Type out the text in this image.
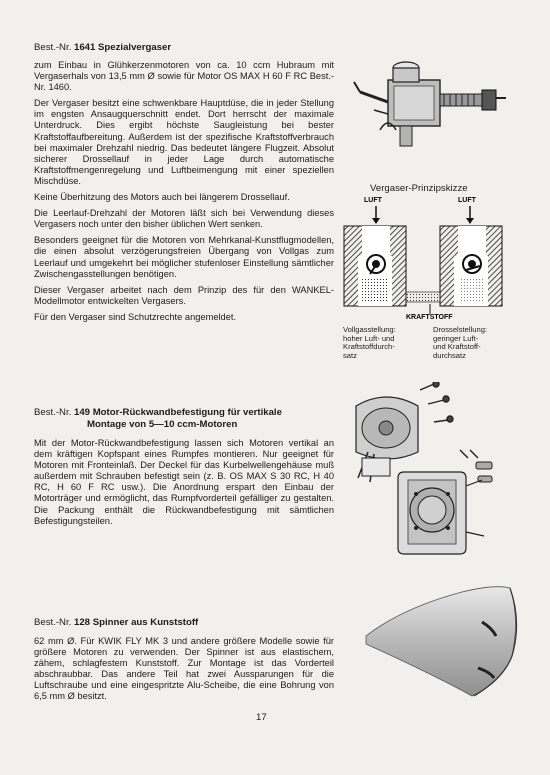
Best.-Nr. 1641 Spezialvergaser

zum Einbau in Glühkerzenmotoren von ca. 10 ccm Hubraum mit Vergaserhals von 13,5 mm Ø sowie für Motor OS MAX H 60 F RC Best.-Nr. 1460.

Der Vergaser besitzt eine schwenkbare Hauptdüse, die in jeder Stellung im engsten Ansaugquerschnitt endet. Dort herrscht der maximale Unterdruck. Dies ergibt höchste Saugleistung bei bester Kraftstoffaufbereitung. Außerdem ist der spezifische Kraftstoffverbrauch bei maximaler Drehzahl niedrig. Das bedeutet längere Flugzeit. Absolut sicherer Drossellauf in jeder Lage durch automatische Kraftstoffmengenregelung und Luftbeimengung mit einer speziellen Mischdüse.

Keine Überhitzung des Motors auch bei längerem Drossellauf.

Die Leerlauf-Drehzahl der Motoren läßt sich bei Verwendung dieses Vergasers noch unter den bisher üblichen Wert senken.

Besonders geeignet für die Motoren von Mehrkanal-Kunstflugmodellen, die einen absolut verzögerungsfreien Übergang von Vollgas zum Leerlauf und umgekehrt bei möglicher stufenloser Einstellung sämtlicher Zwischengasstellungen benötigen.

Dieser Vergaser arbeitet nach dem Prinzip des für den WANKEL-Modellmotor entwickelten Vergasers.

Für den Vergaser sind Schutzrechte angemeldet.

Vergaser-Prinzipskizze
LUFT	LUFT
KRAFTSTOFF
Vollgasstellung:
hoher Luft- und
Kraftstoffdurch-
satz
Drosselstellung:
geringer Luft-
und Kraftstoff-
durchsatz
Best.-Nr. 149 Motor-Rückwandbefestigung für vertikale
Montage von 5—10 ccm-Motoren

Mit der Motor-Rückwandbefestigung lassen sich Motoren vertikal an dem kräftigen Kopfspant eines Rumpfes montieren. Nur geeignet für Motoren mit Fronteinlaß. Der Deckel für das Kurbelwellengehäuse muß außerdem mit Schrauben befestigt sein (z. B. OS MAX S 30 RC, H 40 RC, H 60 F RC usw.). Die Anordnung erspart den Einbau der Motorträger und ermöglicht, das Rumpfvorderteil gefälliger zu gestalten. Die Packung enthält die Rückwandbefestigung mit sämtlichen Befestigungsteilen.

Best.-Nr. 128 Spinner aus Kunststoff

62 mm Ø. Für KWIK FLY MK 3 und andere größere Modelle sowie für größere Motoren zu verwenden. Der Spinner ist aus elastischem, zähem, schlagfestem Kunststoff. Zur Montage ist das Vorderteil abschraubbar. Das andere Teil hat zwei Aussparungen für die Luftschraube und eine eingespritzte Alu-Scheibe, die eine Bohrung von 6,5 mm Ø besitzt.

17
